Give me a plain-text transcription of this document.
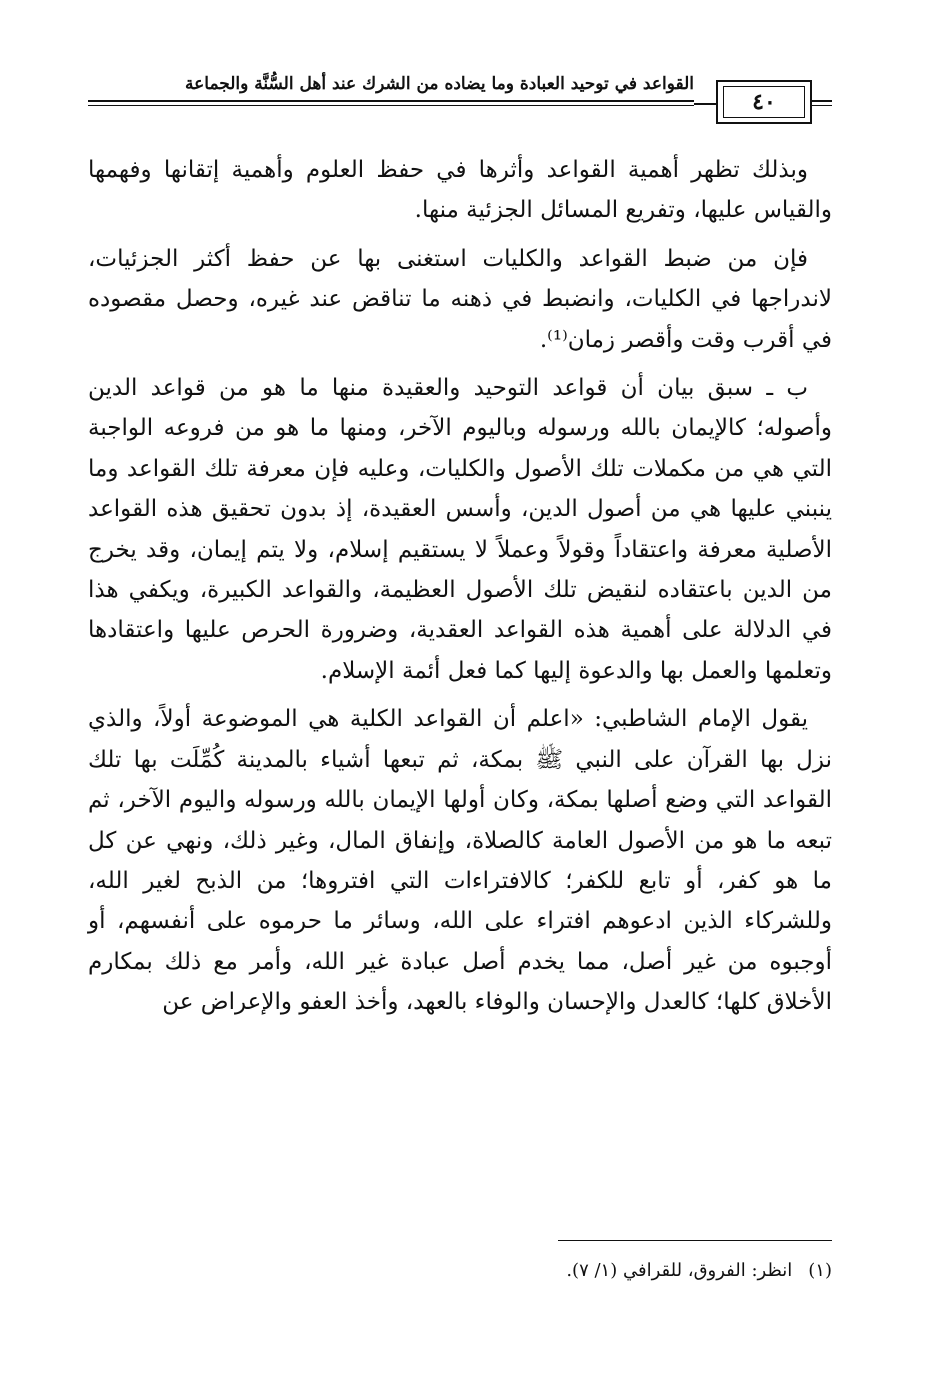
القواعد في توحيد العبادة وما يضاده من الشرك عند أهل السُّنَّة والجماعة
٤٠

وبذلك تظهر أهمية القواعد وأثرها في حفظ العلوم وأهمية إتقانها وفهمها والقياس عليها، وتفريع المسائل الجزئية منها.

فإن من ضبط القواعد والكليات استغنى بها عن حفظ أكثر الجزئيات، لاندراجها في الكليات، وانضبط في ذهنه ما تناقض عند غيره، وحصل مقصوده في أقرب وقت وأقصر زمان⁽¹⁾.

ب ـ سبق بيان أن قواعد التوحيد والعقيدة منها ما هو من قواعد الدين وأصوله؛ كالإيمان بالله ورسوله وباليوم الآخر، ومنها ما هو من فروعه الواجبة التي هي من مكملات تلك الأصول والكليات، وعليه فإن معرفة تلك القواعد وما ينبني عليها هي من أصول الدين، وأسس العقيدة، إذ بدون تحقيق هذه القواعد الأصلية معرفة واعتقاداً وقولاً وعملاً لا يستقيم إسلام، ولا يتم إيمان، وقد يخرج من الدين باعتقاده لنقيض تلك الأصول العظيمة، والقواعد الكبيرة، ويكفي هذا في الدلالة على أهمية هذه القواعد العقدية، وضرورة الحرص عليها واعتقادها وتعلمها والعمل بها والدعوة إليها كما فعل أئمة الإسلام.

يقول الإمام الشاطبي: «اعلم أن القواعد الكلية هي الموضوعة أولاً، والذي نزل بها القرآن على النبي ﷺ بمكة، ثم تبعها أشياء بالمدينة كُمِّلَت بها تلك القواعد التي وضع أصلها بمكة، وكان أولها الإيمان بالله ورسوله واليوم الآخر، ثم تبعه ما هو من الأصول العامة كالصلاة، وإنفاق المال، وغير ذلك، ونهي عن كل ما هو كفر، أو تابع للكفر؛ كالافتراءات التي افتروها؛ من الذبح لغير الله، وللشركاء الذين ادعوهم افتراء على الله، وسائر ما حرموه على أنفسهم، أو أوجبوه من غير أصل، مما يخدم أصل عبادة غير الله، وأمر مع ذلك بمكارم الأخلاق كلها؛ كالعدل والإحسان والوفاء بالعهد، وأخذ العفو والإعراض عن

(١)انظر: الفروق، للقرافي (١/ ٧).
